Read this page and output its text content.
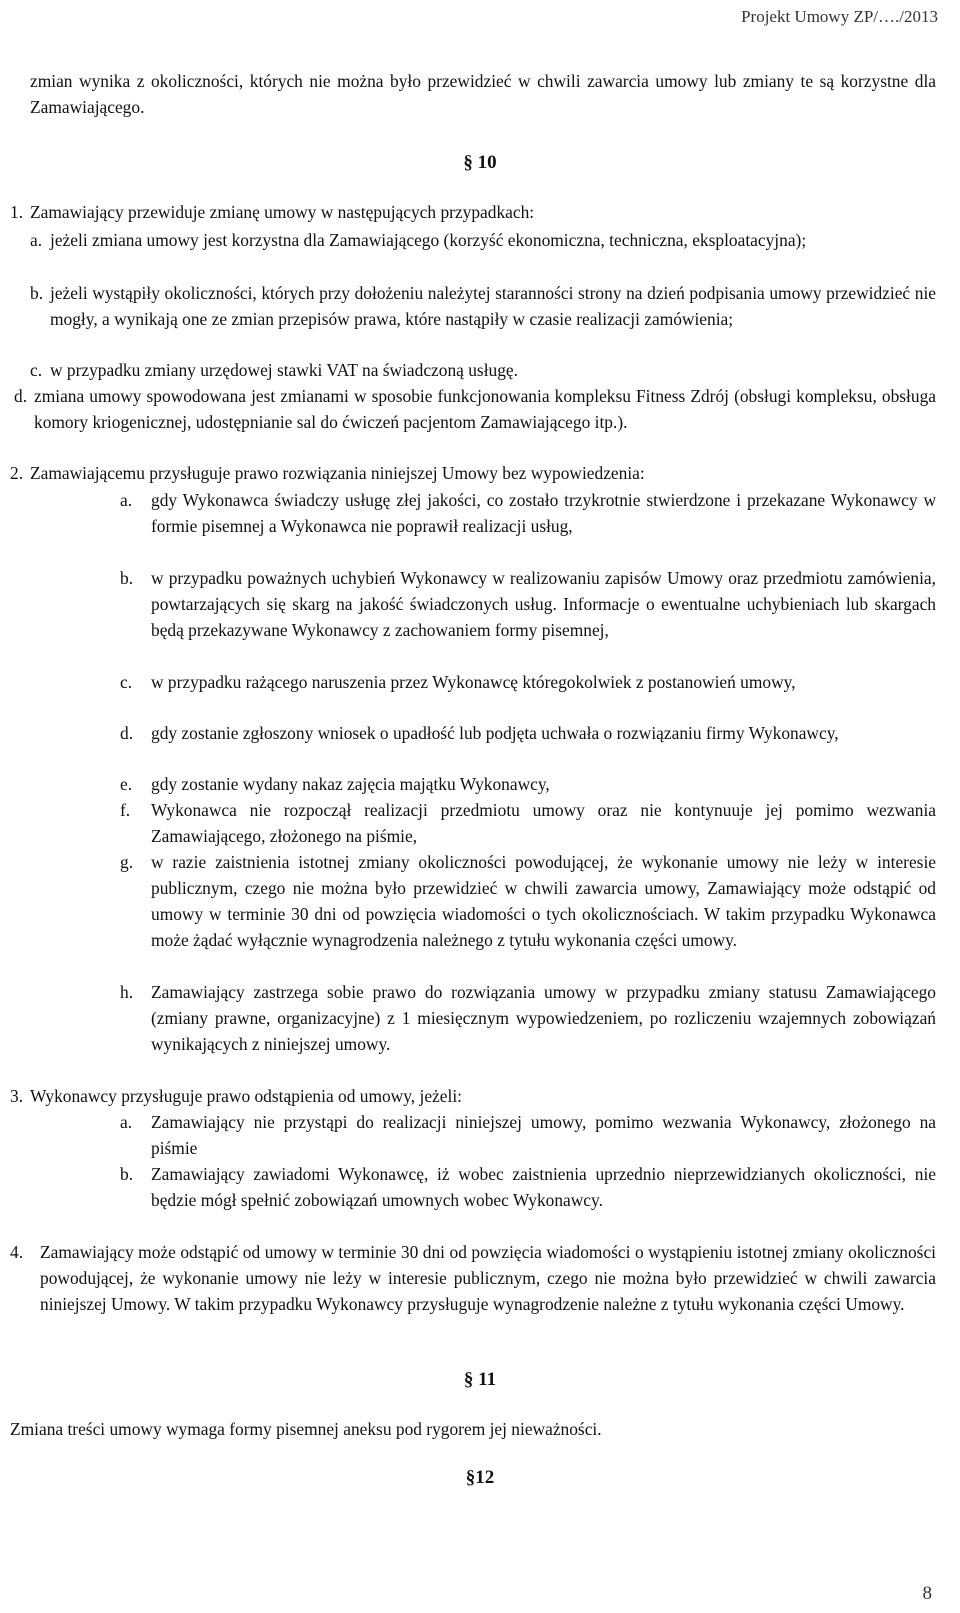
Projekt Umowy ZP/…./2013
zmian wynika z okoliczności, których nie można było przewidzieć w chwili zawarcia umowy lub zmiany te są korzystne dla Zamawiającego.
§ 10
1. Zamawiający przewiduje zmianę umowy w następujących przypadkach:
a. jeżeli zmiana umowy jest korzystna dla Zamawiającego (korzyść ekonomiczna, techniczna, eksploatacyjna);
b. jeżeli wystąpiły okoliczności, których przy dołożeniu należytej staranności strony na dzień podpisania umowy przewidzieć nie mogły, a wynikają one ze zmian przepisów prawa, które nastąpiły w czasie realizacji zamówienia;
c. w przypadku zmiany urzędowej stawki VAT na świadczoną usługę.
d. zmiana umowy spowodowana jest zmianami w sposobie funkcjonowania kompleksu Fitness Zdrój (obsługi kompleksu, obsługa komory kriogenicznej, udostępnianie sal do ćwiczeń pacjentom Zamawiającego itp.).
2. Zamawiającemu przysługuje prawo rozwiązania niniejszej Umowy bez wypowiedzenia:
a. gdy Wykonawca świadczy usługę złej jakości, co zostało trzykrotnie stwierdzone i przekazane Wykonawcy w formie pisemnej a Wykonawca nie poprawił realizacji usług,
b. w przypadku poważnych uchybień Wykonawcy w realizowaniu zapisów Umowy oraz przedmiotu zamówienia, powtarzających się skarg na jakość świadczonych usług. Informacje o ewentualne uchybieniach lub skargach będą przekazywane Wykonawcy z zachowaniem formy pisemnej,
c. w przypadku rażącego naruszenia przez Wykonawcę któregokolwiek z postanowień umowy,
d. gdy zostanie zgłoszony wniosek o upadłość lub podjęta uchwała o rozwiązaniu firmy Wykonawcy,
e. gdy zostanie wydany nakaz zajęcia majątku Wykonawcy,
f. Wykonawca nie rozpoczął realizacji przedmiotu umowy oraz nie kontynuuje jej pomimo wezwania Zamawiającego, złożonego na piśmie,
g. w razie zaistnienia istotnej zmiany okoliczności powodującej, że wykonanie umowy nie leży w interesie publicznym, czego nie można było przewidzieć w chwili zawarcia umowy, Zamawiający może odstąpić od umowy w terminie 30 dni od powzięcia wiadomości o tych okolicznościach. W takim przypadku Wykonawca może żądać wyłącznie wynagrodzenia należnego z tytułu wykonania części umowy.
h. Zamawiający zastrzega sobie prawo do rozwiązania umowy w przypadku zmiany statusu Zamawiającego (zmiany prawne, organizacyjne) z 1 miesięcznym wypowiedzeniem, po rozliczeniu wzajemnych zobowiązań wynikających z niniejszej umowy.
3. Wykonawcy przysługuje prawo odstąpienia od umowy, jeżeli:
a. Zamawiający nie przystąpi do realizacji niniejszej umowy, pomimo wezwania Wykonawcy, złożonego na piśmie
b. Zamawiający zawiadomi Wykonawcę, iż wobec zaistnienia uprzednio nieprzewidzianych okoliczności, nie będzie mógł spełnić zobowiązań umownych wobec Wykonawcy.
4. Zamawiający może odstąpić od umowy w terminie 30 dni od powzięcia wiadomości o wystąpieniu istotnej zmiany okoliczności powodującej, że wykonanie umowy nie leży w interesie publicznym, czego nie można było przewidzieć w chwili zawarcia niniejszej Umowy. W takim przypadku Wykonawcy przysługuje wynagrodzenie należne z tytułu wykonania części Umowy.
§ 11
Zmiana treści umowy wymaga formy pisemnej aneksu pod rygorem jej nieważności.
§12
8
